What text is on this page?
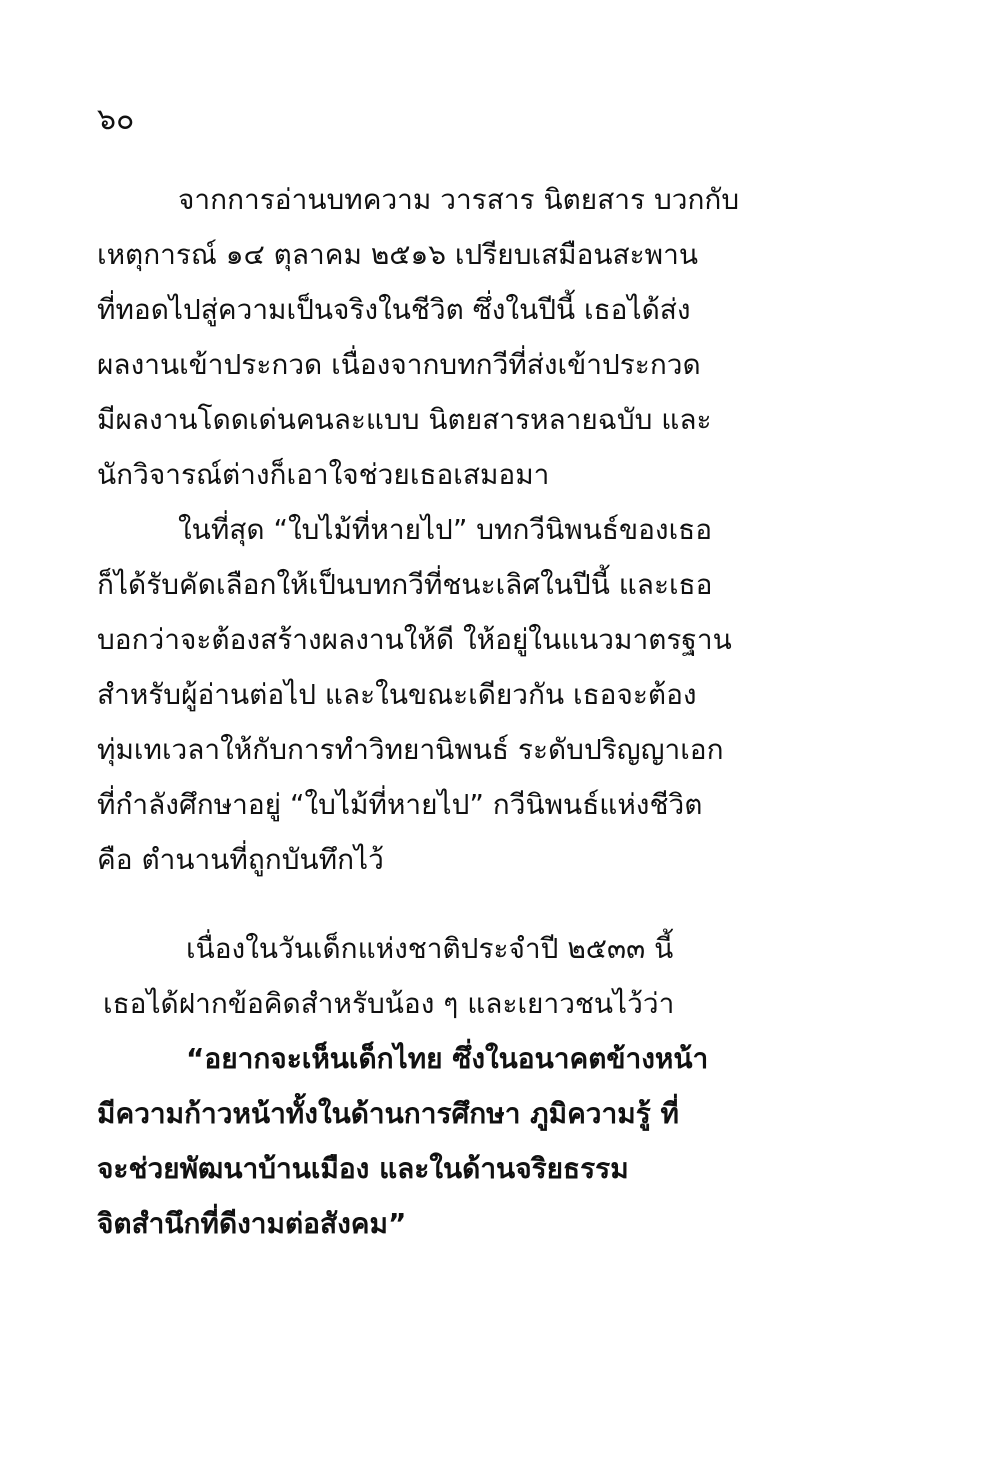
๖๐
จากการอ่านบทความ วารสาร นิตยสาร บวกกับ
เหตุการณ์ ๑๔ ตุลาคม ๒๕๑๖ เปรียบเสมือนสะพาน
ที่ทอดไปสู่ความเป็นจริงในชีวิต ซึ่งในปีนี้ เธอได้ส่ง
ผลงานเข้าประกวด เนื่องจากบทกวีที่ส่งเข้าประกวด
มีผลงานโดดเด่นคนละแบบ นิตยสารหลายฉบับ และ
นักวิจารณ์ต่างก็เอาใจช่วยเธอเสมอมา
ในที่สุด “ใบไม้ที่หายไป” บทกวีนิพนธ์ของเธอ
ก็ได้รับคัดเลือกให้เป็นบทกวีที่ชนะเลิศในปีนี้ และเธอ
บอกว่าจะต้องสร้างผลงานให้ดี ให้อยู่ในแนวมาตรฐาน
สำหรับผู้อ่านต่อไป และในขณะเดียวกัน เธอจะต้อง
ทุ่มเทเวลาให้กับการทำวิทยานิพนธ์ ระดับปริญญาเอก
ที่กำลังศึกษาอยู่ “ใบไม้ที่หายไป” กวีนิพนธ์แห่งชีวิต
คือ ตำนานที่ถูกบันทึกไว้
เนื่องในวันเด็กแห่งชาติประจำปี ๒๕๓๓ นี้
เธอได้ฝากข้อคิดสำหรับน้อง ๆ และเยาวชนไว้ว่า
“อยากจะเห็นเด็กไทย ซึ่งในอนาคตข้างหน้า
มีความก้าวหน้าทั้งในด้านการศึกษา ภูมิความรู้ ที่
จะช่วยพัฒนาบ้านเมือง และในด้านจริยธรรม
จิตสำนึกที่ดีงามต่อสังคม”
